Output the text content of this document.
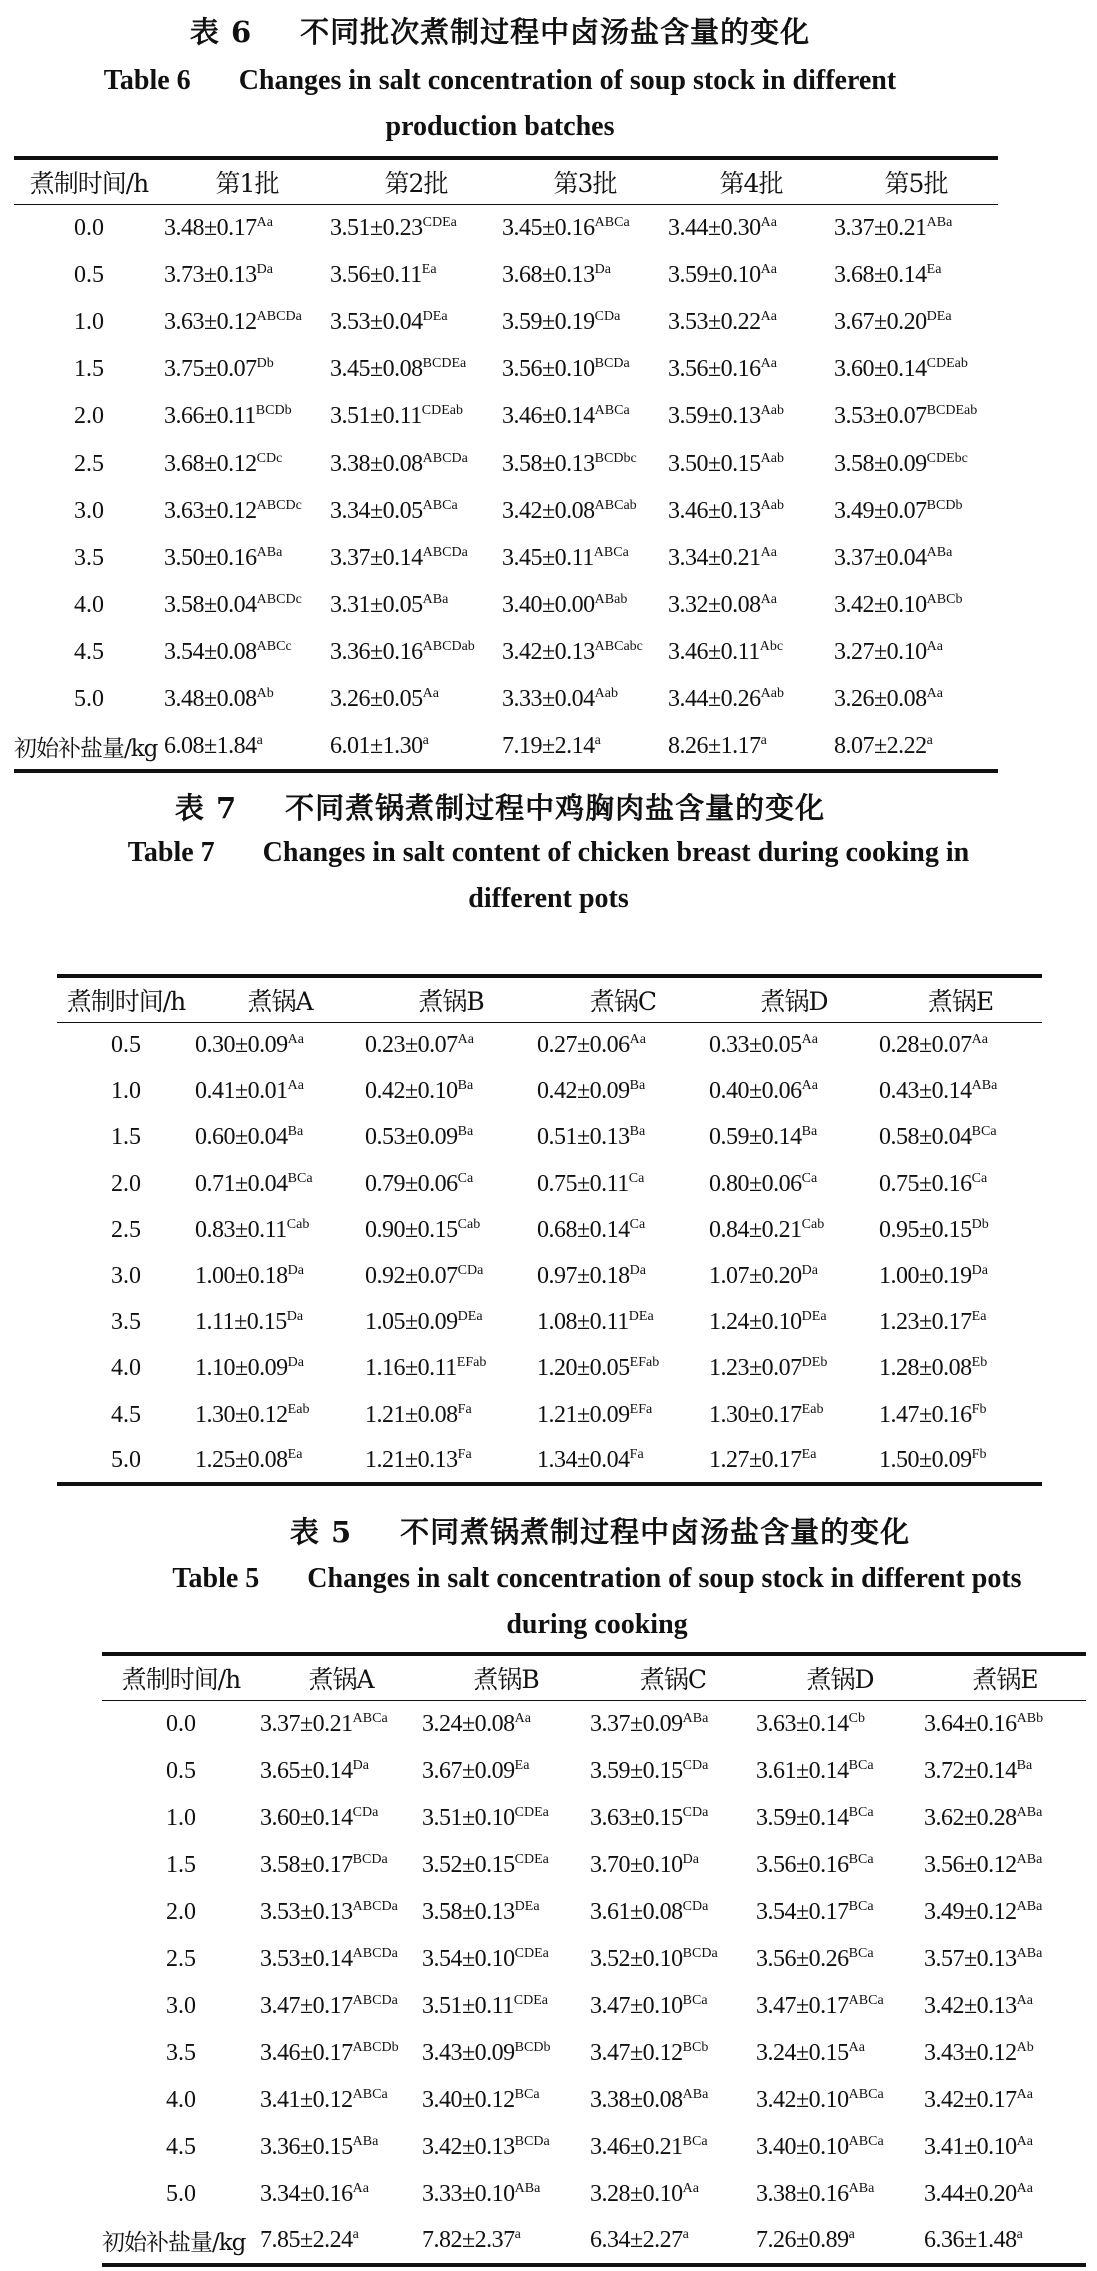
表 6 不同批次煮制过程中卤汤盐含量的变化
Table 6 Changes in salt concentration of soup stock in different
production batches
煮制时间/h	第1批	第2批	第3批	第4批	第5批
0.0	$3.48\pm 0.17^{Aa}$	$3.51\pm 0.23^{CDEa}$	$3.45\pm 0.16^{ABCa}$	$3.44\pm 0.30^{Aa}$	$3.37\pm 0.21^{ABa}$
0.5	$3.73\pm 0.13^{Da}$	$3.56\pm 0.11^{Ea}$	$3.68\pm 0.13^{Da}$	$3.59\pm 0.10^{Aa}$	$3.68\pm 0.14^{Ea}$
1.0	$3.63\pm 0.12^{ABCDa}$	$3.53\pm 0.04^{DEa}$	$3.59\pm 0.19^{CDa}$	$3.53\pm 0.22^{Aa}$	$3.67\pm 0.20^{DEa}$
1.5	$3.75\pm 0.07^{Db}$	$3.45\pm 0.08^{BCDEa}$	$3.56\pm 0.10^{BCDa}$	$3.56\pm 0.16^{Aa}$	$3.60\pm 0.14^{CDEab}$
2.0	$3.66\pm 0.11^{BCDb}$	$3.51\pm 0.11^{CDEab}$	$3.46\pm 0.14^{ABCa}$	$3.59\pm 0.13^{Aab}$	$3.53\pm 0.07^{BCDEab}$
2.5	$3.68\pm 0.12^{CDc}$	$3.38\pm 0.08^{ABCDa}$	$3.58\pm 0.13^{BCDbc}$	$3.50\pm 0.15^{Aab}$	$3.58\pm 0.09^{CDEbc}$
3.0	$3.63\pm 0.12^{ABCDc}$	$3.34\pm 0.05^{ABCa}$	$3.42\pm 0.08^{ABCab}$	$3.46\pm 0.13^{Aab}$	$3.49\pm 0.07^{BCDb}$
3.5	$3.50\pm 0.16^{ABa}$	$3.37\pm 0.14^{ABCDa}$	$3.45\pm 0.11^{ABCa}$	$3.34\pm 0.21^{Aa}$	$3.37\pm 0.04^{ABa}$
4.0	$3.58\pm 0.04^{ABCDc}$	$3.31\pm 0.05^{ABa}$	$3.40\pm 0.00^{ABab}$	$3.32\pm 0.08^{Aa}$	$3.42\pm 0.10^{ABCb}$
4.5	$3.54\pm 0.08^{ABCc}$	$3.36\pm 0.16^{ABCDab}$	$3.42\pm 0.13^{ABCabc}$	$3.46\pm 0.11^{Abc}$	$3.27\pm 0.10^{Aa}$
5.0	$3.48\pm 0.08^{Ab}$	$3.26\pm 0.05^{Aa}$	$3.33\pm 0.04^{Aab}$	$3.44\pm 0.26^{Aab}$	$3.26\pm 0.08^{Aa}$
初始补盐量/kg	6.08±1.84$^a$	6.01±1.30$^a$	7.19±2.14$^a$	8.26±1.17$^a$	8.07±2.22$^a$
表 7 不同煮锅煮制过程中鸡胸肉盐含量的变化
Table 7 Changes in salt content of chicken breast during cooking in
different pots
煮制时间/h	煮锅A	煮锅B	煮锅C	煮锅D	煮锅E
0.5	$0.30\pm 0.09^{Aa}$	$0.23\pm 0.07^{Aa}$	$0.27\pm 0.06^{Aa}$	$0.33\pm 0.05^{Aa}$	$0.28\pm 0.07^{Aa}$
1.0	$0.41\pm 0.01^{Aa}$	$0.42\pm 0.10^{Ba}$	$0.42\pm 0.09^{Ba}$	$0.40\pm 0.06^{Aa}$	$0.43\pm 0.14^{ABa}$
1.5	$0.60\pm 0.04^{Ba}$	$0.53\pm 0.09^{Ba}$	$0.51\pm 0.13^{Ba}$	$0.59\pm 0.14^{Ba}$	$0.58\pm 0.04^{BCa}$
2.0	$0.71\pm 0.04^{BCa}$	$0.79\pm 0.06^{Ca}$	$0.75\pm 0.11^{Ca}$	$0.80\pm 0.06^{Ca}$	$0.75\pm 0.16^{Ca}$
2.5	$0.83\pm 0.11^{Cab}$	$0.90\pm 0.15^{Cab}$	$0.68\pm 0.14^{Ca}$	$0.84\pm 0.21^{Cab}$	$0.95\pm 0.15^{Db}$
3.0	$1.00\pm 0.18^{Da}$	$0.92\pm 0.07^{CDa}$	$0.97\pm 0.18^{Da}$	$1.07\pm 0.20^{Da}$	$1.00\pm 0.19^{Da}$
3.5	$1.11\pm 0.15^{Da}$	$1.05\pm 0.09^{DEa}$	$1.08\pm 0.11^{DEa}$	$1.24\pm 0.10^{DEa}$	$1.23\pm 0.17^{Ea}$
4.0	$1.10\pm 0.09^{Da}$	$1.16\pm 0.11^{EFab}$	$1.20\pm 0.05^{EFab}$	$1.23\pm 0.07^{DEb}$	$1.28\pm 0.08^{Eb}$
4.5	$1.30\pm 0.12^{Eab}$	$1.21\pm 0.08^{Fa}$	$1.21\pm 0.09^{EFa}$	$1.30\pm 0.17^{Eab}$	$1.47\pm 0.16^{Fb}$
5.0	$1.25\pm 0.08^{Ea}$	$1.21\pm 0.13^{Fa}$	$1.34\pm 0.04^{Fa}$	$1.27\pm 0.17^{Ea}$	$1.50\pm 0.09^{Fb}$
表 5 不同煮锅煮制过程中卤汤盐含量的变化
Table 5 Changes in salt concentration of soup stock in different pots
during cooking
煮制时间/h	煮锅A	煮锅B	煮锅C	煮锅D	煮锅E
0.0	$3.37\pm 0.21^{ABCa}$	$3.24\pm 0.08^{Aa}$	$3.37\pm 0.09^{ABa}$	$3.63\pm 0.14^{Cb}$	$3.64\pm 0.16^{ABb}$
0.5	$3.65\pm 0.14^{Da}$	$3.67\pm 0.09^{Ea}$	$3.59\pm 0.15^{CDa}$	$3.61\pm 0.14^{BCa}$	$3.72\pm 0.14^{Ba}$
1.0	$3.60\pm 0.14^{CDa}$	$3.51\pm 0.10^{CDEa}$	$3.63\pm 0.15^{CDa}$	$3.59\pm 0.14^{BCa}$	$3.62\pm 0.28^{ABa}$
1.5	$3.58\pm 0.17^{BCDa}$	$3.52\pm 0.15^{CDEa}$	$3.70\pm 0.10^{Da}$	$3.56\pm 0.16^{BCa}$	$3.56\pm 0.12^{ABa}$
2.0	$3.53\pm 0.13^{ABCDa}$	$3.58\pm 0.13^{DEa}$	$3.61\pm 0.08^{CDa}$	$3.54\pm 0.17^{BCa}$	$3.49\pm 0.12^{ABa}$
2.5	$3.53\pm 0.14^{ABCDa}$	$3.54\pm 0.10^{CDEa}$	$3.52\pm 0.10^{BCDa}$	$3.56\pm 0.26^{BCa}$	$3.57\pm 0.13^{ABa}$
3.0	$3.47\pm 0.17^{ABCDa}$	$3.51\pm 0.11^{CDEa}$	$3.47\pm 0.10^{BCa}$	$3.47\pm 0.17^{ABCa}$	$3.42\pm 0.13^{Aa}$
3.5	$3.46\pm 0.17^{ABCDb}$	$3.43\pm 0.09^{BCDb}$	$3.47\pm 0.12^{BCb}$	$3.24\pm 0.15^{Aa}$	$3.43\pm 0.12^{Ab}$
4.0	$3.41\pm 0.12^{ABCa}$	$3.40\pm 0.12^{BCa}$	$3.38\pm 0.08^{ABa}$	$3.42\pm 0.10^{ABCa}$	$3.42\pm 0.17^{Aa}$
4.5	$3.36\pm 0.15^{ABa}$	$3.42\pm 0.13^{BCDa}$	$3.46\pm 0.21^{BCa}$	$3.40\pm 0.10^{ABCa}$	$3.41\pm 0.10^{Aa}$
5.0	$3.34\pm 0.16^{Aa}$	$3.33\pm 0.10^{ABa}$	$3.28\pm 0.10^{Aa}$	$3.38\pm 0.16^{ABa}$	$3.44\pm 0.20^{Aa}$
初始补盐量/kg	7.85±2.24$^a$	7.82±2.37$^a$	6.34±2.27$^a$	7.26±0.89$^a$	6.36±1.48$^a$
